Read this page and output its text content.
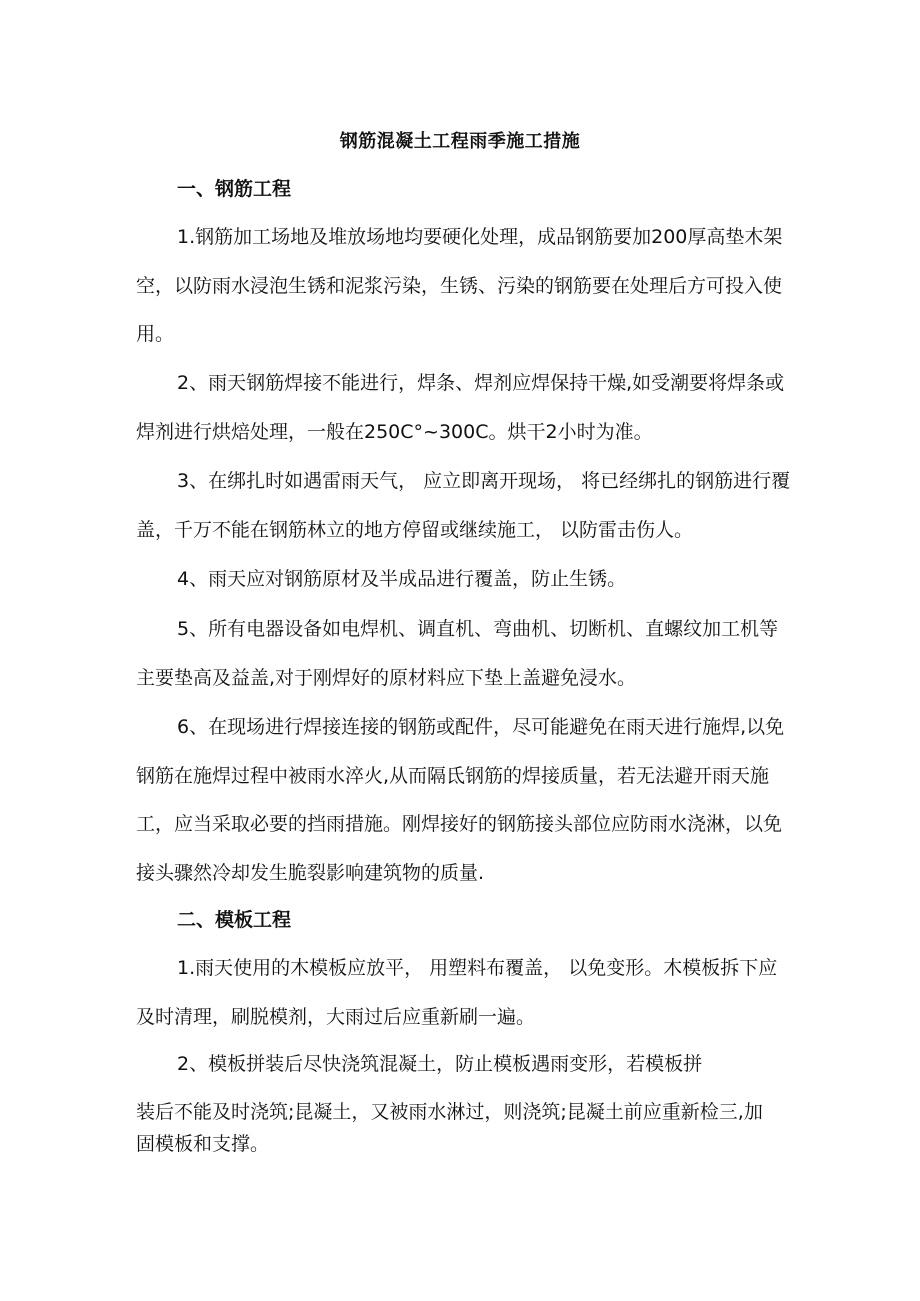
钢筋混凝土工程雨季施工措施
一、钢筋工程

1.钢筋加工场地及堆放场地均要硬化处理，成品钢筋要加200厚高垫木架空，以防雨水浸泡生锈和泥浆污染，生锈、污染的钢筋要在处理后方可投入使用。

2、雨天钢筋焊接不能进行，焊条、焊剂应焊保持干燥,如受潮要将焊条或焊剂进行烘焙处理，一般在250C°~300C。烘干2小时为准。

3、在绑扎时如遇雷雨天气， 应立即离开现场， 将已经绑扎的钢筋进行覆盖，千万不能在钢筋林立的地方停留或继续施工， 以防雷击伤人。

4、雨天应对钢筋原材及半成品进行覆盖，防止生锈。

5、所有电器设备如电焊机、调直机、弯曲机、切断机、直螺纹加工机等主要垫高及益盖,对于刚焊好的原材料应下垫上盖避免浸水。

6、在现场进行焊接连接的钢筋或配件，尽可能避免在雨天进行施焊,以免钢筋在施焊过程中被雨水淬火,从而隔氐钢筋的焊接质量，若无法避开雨天施工，应当采取必要的挡雨措施。刚焊接好的钢筋接头部位应防雨水浇淋，以免接头骤然冷却发生脆裂影响建筑物的质量.

二、模板工程

1.雨天使用的木模板应放平， 用塑料布覆盖， 以免变形。木模板拆下应及时清理，刷脱模剂，大雨过后应重新刷一遍。

2、模板拼装后尽快浇筑混凝土，防止模板遇雨变形，若模板拼

装后不能及时浇筑;昆凝土，又被雨水淋过，则浇筑;昆凝土前应重新检三,加
固模板和支撑。
